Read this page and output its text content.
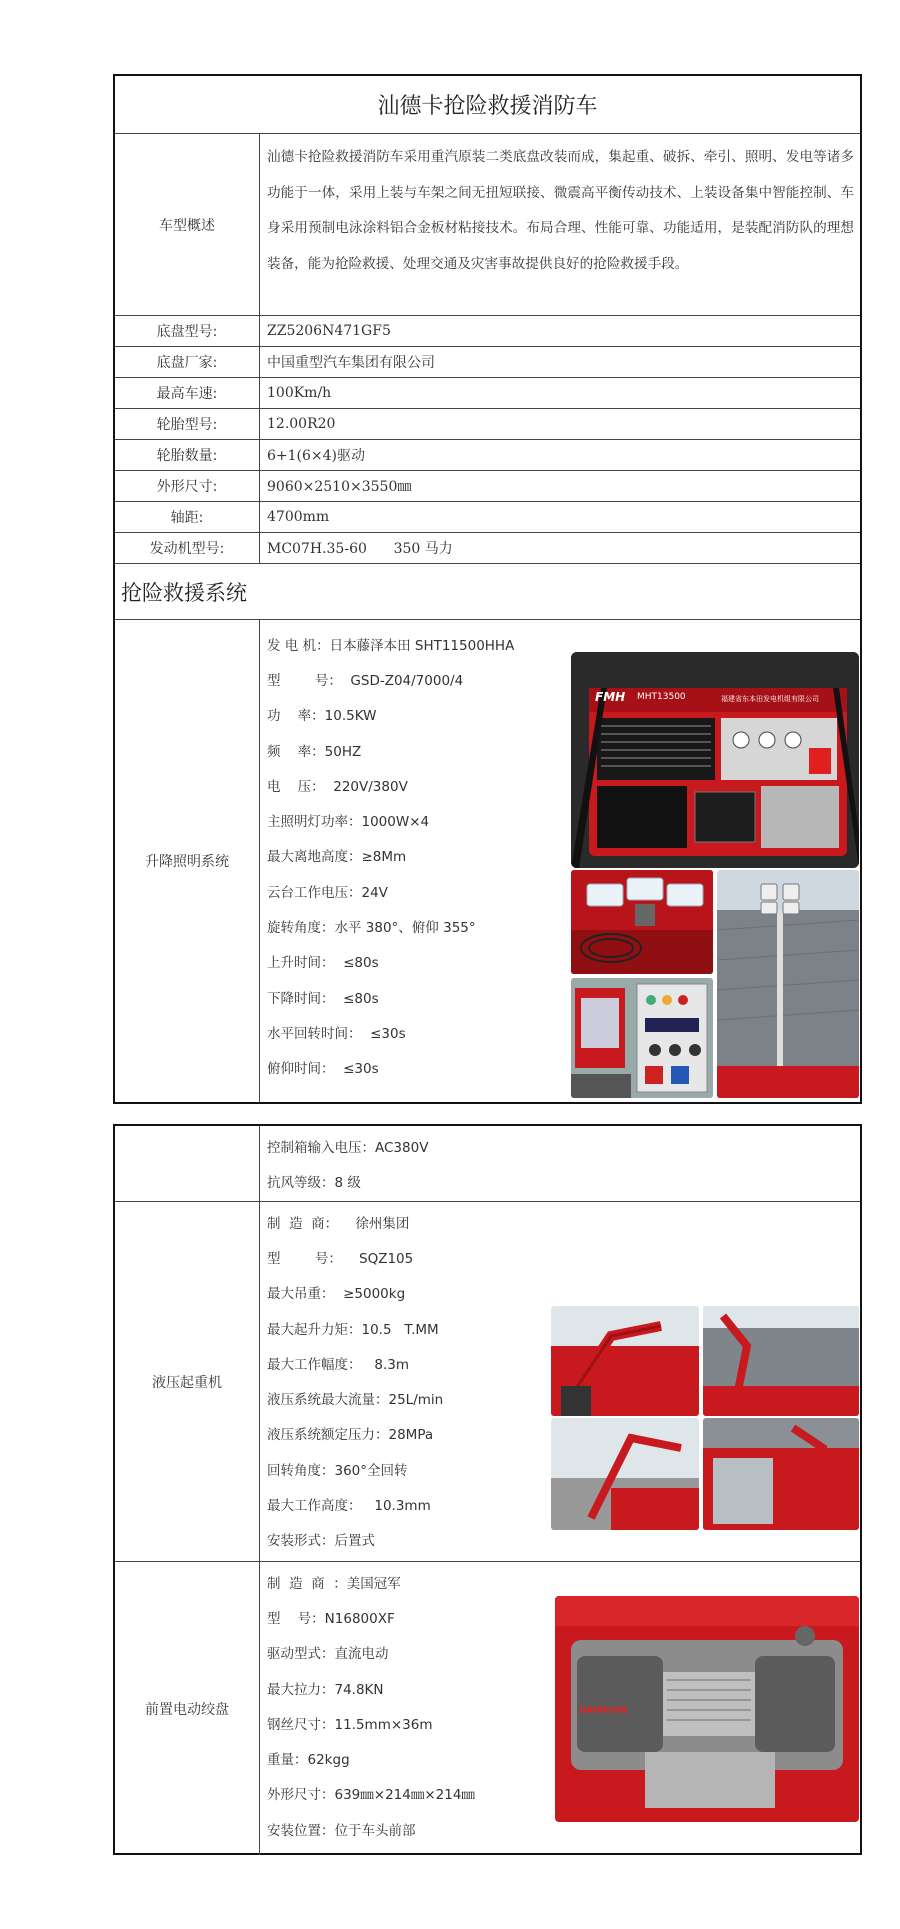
汕德卡抢险救援消防车
车型概述
汕德卡抢险救援消防车采用重汽原装二类底盘改装而成，集起重、破拆、牵引、照明、发电等诸多功能于一体，采用上装与车架之间无扭短联接、微震高平衡传动技术、上装设备集中智能控制、车身采用预制电泳涂料铝合金板材粘接技术。布局合理、性能可靠、功能适用，是装配消防队的理想装备，能为抢险救援、处理交通及灾害事故提供良好的抢险救援手段。
底盘型号:	ZZ5206N471GF5
底盘厂家:	中国重型汽车集团有限公司
最高车速:	100Km/h
轮胎型号:	12.00R20
轮胎数量:	6+1(6×4)驱动
外形尺寸:	9060×2510×3550㎜
轴距:	4700mm
发动机型号:	MC07H.35-60      350 马力
抢险救援系统
升降照明系统
发 电 机：日本藤泽本田 SHT11500HHA
型        号：  GSD-Z04/7000/4
功    率：10.5KW
频    率：50HZ
电    压：  220V/380V
主照明灯功率：1000W×4
最大离地高度：≥8Mm
云台工作电压：24V
旋转角度：水平 380°、俯仰 355°
上升时间：  ≤80s
下降时间：  ≤80s
水平回转时间：  ≤30s
俯仰时间：  ≤30s
FMH MHT13500	福建省东本田发电机组有限公司
控制箱输入电压：AC380V
抗风等级：8 级
液压起重机
制  造  商：    徐州集团
型        号：    SQZ105
最大吊重：  ≥5000kg
最大起升力矩：10.5   T.MM
最大工作幅度：   8.3m
液压系统最大流量：25L/min
液压系统额定压力：28MPa
回转角度：360°全回转
最大工作高度：   10.3mm
安装形式：后置式
前置电动绞盘
制  造  商  ：美国冠军
型    号：N16800XF
驱动型式：直流电动
最大拉力：74.8KN
钢丝尺寸：11.5mm×36m
重量：62kgg
外形尺寸：639㎜×214㎜×214㎜
安装位置：位于车头前部
HAMPION
